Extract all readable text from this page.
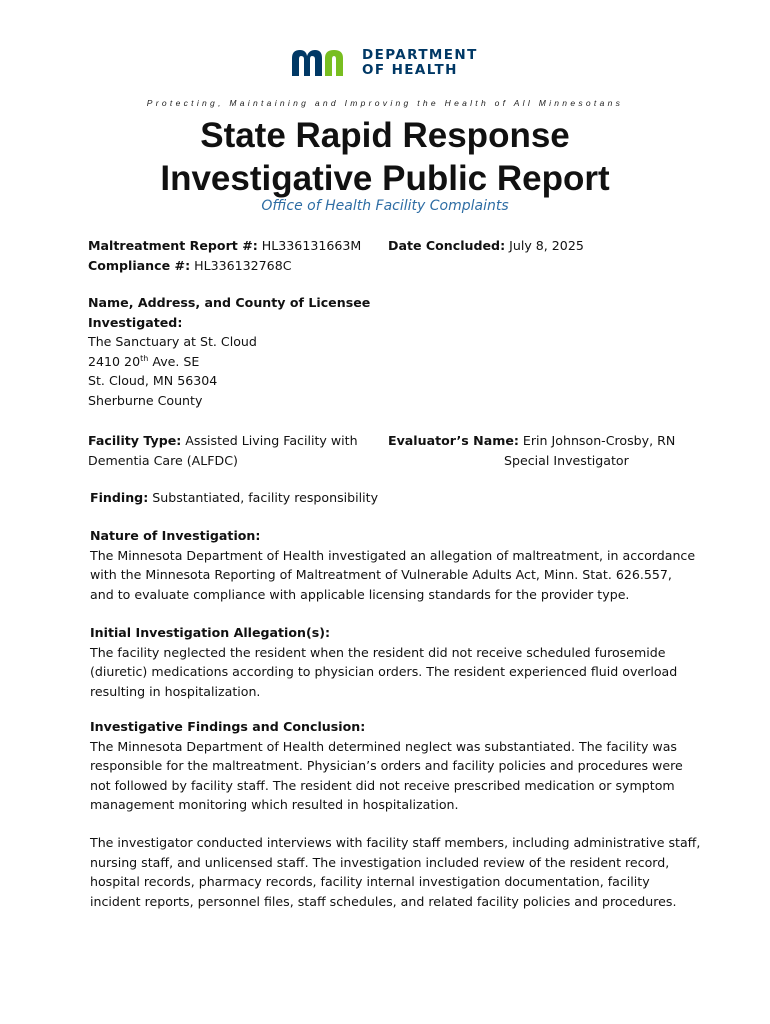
DEPARTMENT
OF HEALTH
Protecting, Maintaining and Improving the Health of All Minnesotans
State Rapid Response
Investigative Public Report
Office of Health Facility Complaints
Maltreatment Report #: HL336131663M
Compliance #: HL336132768C
Date Concluded: July 8, 2025
Name, Address, and County of Licensee
Investigated:
The Sanctuary at St. Cloud
2410 20th Ave. SE
St. Cloud, MN 56304
Sherburne County
Facility Type: Assisted Living Facility with
Dementia Care (ALFDC)
Evaluator’s Name: Erin Johnson-Crosby, RN
Special Investigator
Finding: Substantiated, facility responsibility
Nature of Investigation:
The Minnesota Department of Health investigated an allegation of maltreatment, in accordance
with the Minnesota Reporting of Maltreatment of Vulnerable Adults Act, Minn. Stat. 626.557,
and to evaluate compliance with applicable licensing standards for the provider type.
Initial Investigation Allegation(s):
The facility neglected the resident when the resident did not receive scheduled furosemide
(diuretic) medications according to physician orders. The resident experienced fluid overload
resulting in hospitalization.
Investigative Findings and Conclusion:
The Minnesota Department of Health determined neglect was substantiated. The facility was
responsible for the maltreatment. Physician’s orders and facility policies and procedures were
not followed by facility staff. The resident did not receive prescribed medication or symptom
management monitoring which resulted in hospitalization.
The investigator conducted interviews with facility staff members, including administrative staff,
nursing staff, and unlicensed staff. The investigation included review of the resident record,
hospital records, pharmacy records, facility internal investigation documentation, facility
incident reports, personnel files, staff schedules, and related facility policies and procedures.
